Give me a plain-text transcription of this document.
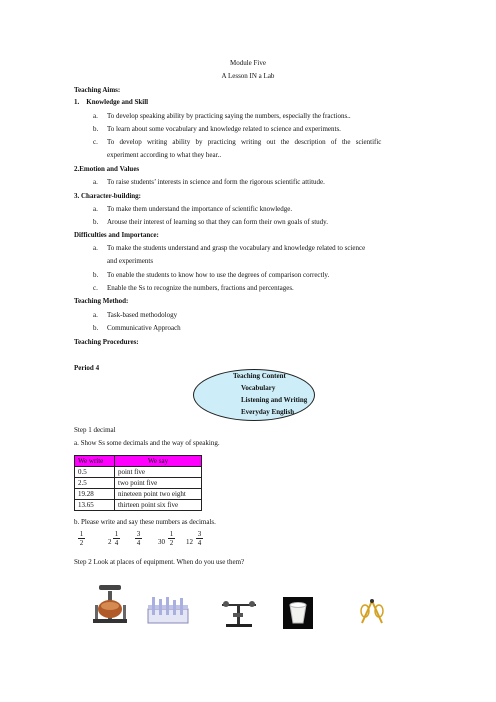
Module Five
A Lesson IN a Lab
Teaching Aims:
1.    Knowledge and Skill
a. To develop speaking ability by practicing saying the numbers, especially the fractions..
b. To learn about some vocabulary and knowledge related to science and experiments.
c. To   develop   writing   ability   by   practicing   writing   out   the   description   of   the   scientific
experiment according to what they hear..
2.Emotion and Values
a. To raise students’ interests in science and form the rigorous scientific attitude.
3. Character-building:
a. To make them understand the importance of scientific knowledge.
b. Arouse their interest of learning so that they can form their own goals of study.
Difficulties and Importance:
a. To make the students understand and grasp the vocabulary and knowledge related to science
and experiments
b. To enable the students to know how to use the degrees of comparison correctly.
c. Enable the Ss to recognize the numbers, fractions and percentages.
Teaching Method:
a. Task-based methodology
b. Communicative Approach
Teaching Procedures:
Period 4
Teaching Content
Vocabulary
Listening and Writing
Everyday English
Step 1 decimal
a. Show Ss some decimals and the way of speaking.
We write	We say
0.5	point five
2.5	two point five
19.28	nineteen point two eight
13.65	thirteen point six five
b. Please write and say these numbers as decimals.
1
2	2
1
4
3
4	30
1
2 12
3
4
Step 2 Look at places of equipment. When do you use them?
